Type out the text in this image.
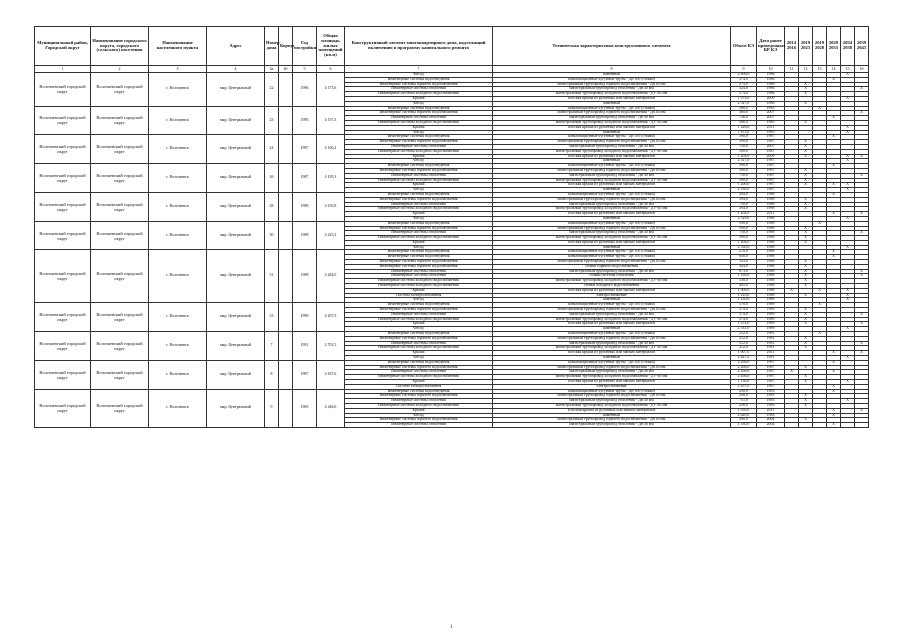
Муниципальный район, Городской округ	Наименование городского округа, городского (сельского) поселения	Наименование населенного пункта	Адрес	Номер дома	Корпус	Год постройки	Общая площадь жилых помещений (кв.м)	Конструктивный элемент многоквартирного дома, подлежащий включению в программу капитального ремонта	Техническая характеристика конструктивного элемента	Объем КЭ	Дата ранее проведенных КР КЭ	2014 2016	2019 2023	2019 2028	2029 2033	2034 2038	2039 2043
1	2	3	4	4а	4б	5	6	7	8	9	10	11	12	13	14	15	16
Волочаевский городской округ	Волочаевский городской округ	г. Волочаевск	мкр. Центральный	22		1986	4 175,6	Фасад	каменный	2 806,0	1986					X	
								Инженерные системы водоотведения	канализационные чугунные трубы - Дн 100 (стояки)	574,0	1986				X		
								Инженерные системы горячего водоснабжения	магистральный трубопровод горячего водоснабжения - Дн 40 мм	574,0	1986		X				
								Инженерные системы отопления	магистральный трубопровод отопления - Дн 40 мм	324,0	1986		X				X
								Инженерные системы холодного водоснабжения	магистральный трубопровод холодного водоснабжения - ДУ-40 мм	574,0	1986		X				
								Крыша	плоская крыша из рулонных или мягких материалов	1 074,0	2009					X	
								Фасад	каменный	2 527,0	1986		X				
Волочаевский городской округ	Волочаевский городской округ	г. Волочаевск	мкр. Центральный	23		1985	4 157,3	Инженерные системы водоотведения	канализационные чугунные трубы - Дн 100 (стояки)	580,0	1985			X			
								Инженерные системы горячего водоснабжения	магистральный трубопровод горячего водоснабжения - Дн 40 мм	580,0	2007						X
								Инженерные системы отопления	магистральный трубопровод отопления - Дн 40 мм	736,0	2007				X		
								Инженерные системы холодного водоснабжения	магистральный трубопровод холодного водоснабжения - ДУ-40 мм	580,0	1985		X				
								Крыша	плоская крыша из рулонных или мягких материалов	1 226,0	2011					X	
								Фасад	каменный	1 675,0	1985					X	
Волочаевский городской округ	Волочаевский городской округ	г. Волочаевск	мкр. Центральный	24		1987	4 160,2	Инженерные системы водоотведения	канализационные чугунные трубы - Дн 100 (стояки)	590,0	1987				X		
								Инженерные системы горячего водоснабжения	магистральный трубопровод горячего водоснабжения - Дн 40 мм	590,0	1987		X				
								Инженерные системы отопления	магистральный трубопровод отопления - Дн 40 мм	750,0	2007		X				
								Инженерные системы холодного водоснабжения	магистральный трубопровод холодного водоснабжения - ДУ-40 мм	590,0	1987		X				
								Крыша	плоская крыша из рулонных или мягких материалов	1 204,0	2009		X			X	X
								Фасад	каменный	2 527,0	1987					X	
Волочаевский городской округ	Волочаевский городской округ	г. Волочаевск	мкр. Центральный	26		1987	4 195,3	Инженерные системы водоотведения	канализационные чугунные трубы - Дн 100 (стояки)	590,0	1987				X		
								Инженерные системы горячего водоснабжения	магистральный трубопровод горячего водоснабжения - Дн 40 мм	590,0	1987		X				
								Инженерные системы отопления	магистральный трубопровод отопления - Дн 40 мм	750,0	1987		X				X
								Инженерные системы холодного водоснабжения	магистральный трубопровод холодного водоснабжения - ДУ-40 мм	590,0	1987		X				
								Крыша	плоская крыша из рулонных или мягких материалов	1 200,0	1987		X		X	X	
								Фасад	каменный	2 530,0	1987					X	
Волочаевский городской округ	Волочаевский городской округ	г. Волочаевск	мкр. Центральный	28		1988	4 150,8	Инженерные системы водоотведения	канализационные чугунные трубы - Дн 100 (стояки)	594,0	1988				X		
								Инженерные системы горячего водоснабжения	магистральный трубопровод горячего водоснабжения - Дн 40 мм	594,0	1988		X				
								Инженерные системы отопления	магистральный трубопровод отопления - Дн 40 мм	750,0	1988		X				
								Инженерные системы холодного водоснабжения	магистральный трубопровод холодного водоснабжения - ДУ-40 мм	594,0	1988		X				
								Крыша	плоская крыша из рулонных или мягких материалов	1 204,0	2011				X		X
								Фасад	каменный	2 529,0	1988					X	
Волочаевский городской округ	Волочаевский городской округ	г. Волочаевск	мкр. Центральный	30		1988	4 223,3	Инженерные системы водоотведения	канализационные чугунные трубы - Дн 100 (стояки)	590,0	1988			X			
								Инженерные системы горячего водоснабжения	магистральный трубопровод горячего водоснабжения - Дн 40 мм	590,0	1988		X				
								Инженерные системы отопления	магистральный трубопровод отопления - Дн 40 мм	750,0	1988		X				X
								Инженерные системы холодного водоснабжения	магистральный трубопровод холодного водоснабжения - ДУ-40 мм	590,0	1988		X				
								Крыша	плоская крыша из рулонных или мягких материалов	1 204,0	1988		X				
								Фасад	каменный	2 530,0	1988					X	
Волочаевский городской округ	Волочаевский городской округ	г. Волочаевск	мкр. Центральный	31		1988	4 264,0	Инженерные системы водоотведения	канализационные чугунные трубы - Дн 100 (стояки)	270,0	1988				X		
								Инженерные системы водоотведения	канализационные чугунные трубы - Дн 100 (стояки)	630,0	1988				X		
								Инженерные системы горячего водоснабжения	магистральный трубопровод горячего водоснабжения - Дн 40 мм	153,0	1988		X				
								Инженерные системы горячего водоснабжения	стояки горячего водоснабжения	324,0	1988		X				
								Инженерные системы отопления	магистральный трубопровод отопления - Дн 40 мм	873,0	1988		X				X
								Инженерные системы отопления	стояки системы отопления	1 169,0	1988		X				X
								Инженерные системы холодного водоснабжения	магистральный трубопровод холодного водоснабжения - ДУ-40 мм	336,0	1988		X				
								Инженерные системы холодного водоснабжения	стояки холодного водоснабжения	405,0	1988		X				
								Крыша	плоская крыша из рулонных или мягких материалов	1 500,0	1988	X		X		X	
								Система электроснабжения	электроснабжение	1 210,0	1988		X			X	
								Фасад	каменный	1 230,0	1988					X	
Волочаевский городской округ	Волочаевский городской округ	г. Волочаевск	мкр. Центральный	33		1989	4 207,9	Инженерные системы водоотведения	канализационные чугунные трубы - Дн 100 (стояки)	578,0	1989			X			
								Инженерные системы горячего водоснабжения	магистральный трубопровод горячего водоснабжения - Дн 40 мм	574,0	1989		X				
								Инженерные системы отопления	магистральный трубопровод отопления - Дн 40 мм	574,0	1989		X				X
								Инженерные системы холодного водоснабжения	магистральный трубопровод холодного водоснабжения - ДУ-40 мм	574,0	1989		X				
								Крыша	плоская крыша из рулонных или мягких материалов	1 074,0	1989		X				X
								Фасад	каменный	2 531,0	1989					X	
Волочаевский городской округ	Волочаевский городской округ	г. Волочаевск	мкр. Центральный	7		1981	2 701,5	Инженерные системы водоотведения	канализационные чугунные трубы - Дн 100 (стояки)	212,0	1981			X			
								Инженерные системы горячего водоснабжения	магистральный трубопровод горячего водоснабжения - Дн 40 мм	212,0	1981		X				
								Инженерные системы отопления	магистральный трубопровод отопления - Дн 40 мм	512,0	1981		X				X
								Инженерные системы холодного водоснабжения	магистральный трубопровод холодного водоснабжения - ДУ-40 мм	212,0	1981		X				
								Крыша	плоская крыша из рулонных или мягких материалов	1 007,0	2011				X		X
								Фасад	каменный	2 627,0	1981					X	
Волочаевский городской округ	Волочаевский городской округ	г. Волочаевск	мкр. Центральный	8		1987	4 167,6	Инженерные системы водоотведения	канализационные чугунные трубы - Дн 100 (стояки)	2 456,0	1987				X		
								Инженерные системы горячего водоснабжения	магистральный трубопровод горячего водоснабжения - Дн 40 мм	2 456,0	1987		X				
								Инженерные системы отопления	магистральный трубопровод отопления - Дн 40 мм	2 456,0	1987	X			X		
								Инженерные системы холодного водоснабжения	магистральный трубопровод холодного водоснабжения - ДУ-40 мм	2 456,0	1987		X				
								Крыша	плоская крыша из рулонных или мягких материалов	1 130,0	1987		X			X	
								Система электроснабжения	электроснабжение	2 457,0	1987				X		
Волочаевский городской округ	Волочаевский городской округ	г. Волочаевск	мкр. Центральный	9		1983	4 246,6	Инженерные системы водоотведения	канализационные чугунные трубы - Дн 100 (стояки)	256,0	1983				X		
								Инженерные системы горячего водоснабжения	магистральный трубопровод горячего водоснабжения - Дн 40 мм	256,0	1983		X				
								Инженерные системы отопления	магистральный трубопровод отопления - Дн 40 мм	751,0	1983		X			X	
								Инженерные системы холодного водоснабжения	магистральный трубопровод холодного водоснабжения - ДУ-40 мм	256,0	1983		X				
								Крыша	Плоская крыша из рулонных или мягких материалов	1 050,0	2011				X		X
								Фасад	каменный	2 620,0	1983				X		
								Инженерные системы горячего водоснабжения	магистральный трубопровод горячего водоснабжения - Дн 40 мм	300,0	2004		X				
								Инженерные системы отопления	магистральный трубопровод отопления - Дн 40 мм	1 330,0	2004				X		
1
